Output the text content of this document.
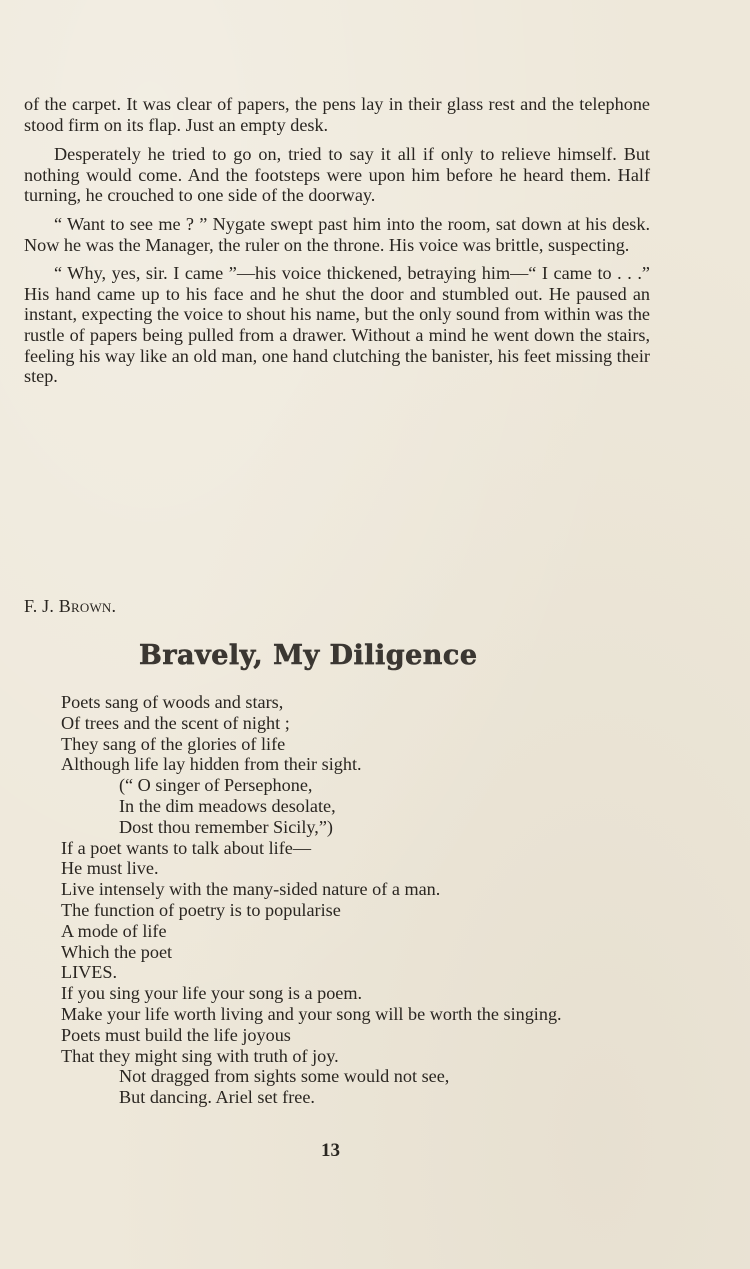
of the carpet. It was clear of papers, the pens lay in their glass rest and the telephone stood firm on its flap. Just an empty desk.

Desperately he tried to go on, tried to say it all if only to relieve himself. But nothing would come. And the footsteps were upon him before he heard them. Half turning, he crouched to one side of the doorway.

“ Want to see me ? ” Nygate swept past him into the room, sat down at his desk. Now he was the Manager, the ruler on the throne. His voice was brittle, suspecting.

“ Why, yes, sir. I came ”—his voice thickened, betraying him—“ I came to . . .” His hand came up to his face and he shut the door and stumbled out. He paused an instant, expecting the voice to shout his name, but the only sound from within was the rustle of papers being pulled from a drawer. Without a mind he went down the stairs, feeling his way like an old man, one hand clutching the banister, his feet missing their step.

F. J. Brown.
Bravely, My Diligence
Poets sang of woods and stars,
Of trees and the scent of night ;
They sang of the glories of life
Although life lay hidden from their sight.
(“ O singer of Persephone,
In the dim meadows desolate,
Dost thou remember Sicily,”)
If a poet wants to talk about life—
He must live.
Live intensely with the many-sided nature of a man.
The function of poetry is to popularise
A mode of life
Which the poet
LIVES.
If you sing your life your song is a poem.
Make your life worth living and your song will be worth the singing.
Poets must build the life joyous
That they might sing with truth of joy.
Not dragged from sights some would not see,
But dancing. Ariel set free.
13
